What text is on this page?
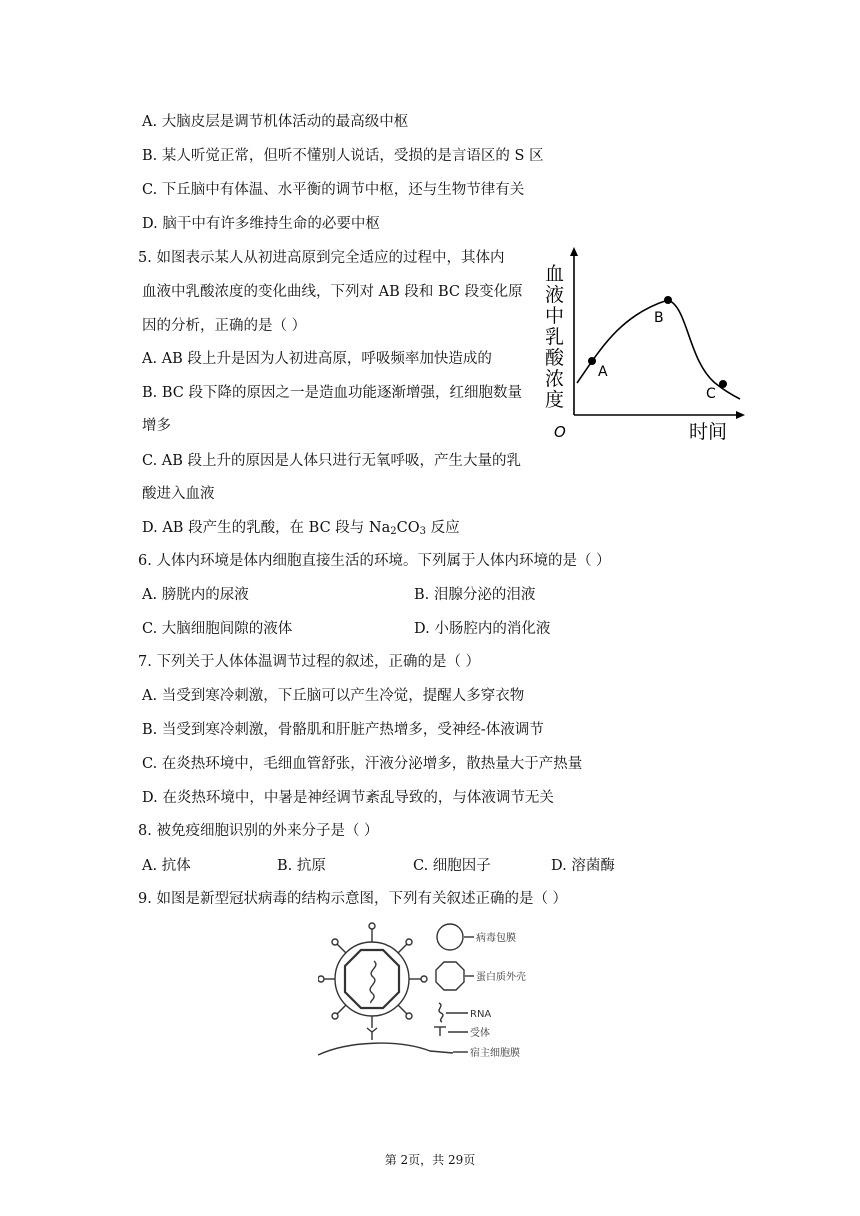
A. 大脑皮层是调节机体活动的最高级中枢
B. 某人听觉正常，但听不懂别人说话，受损的是言语区的 S 区
C. 下丘脑中有体温、水平衡的调节中枢，还与生物节律有关
D. 脑干中有许多维持生命的必要中枢
5. 如图表示某人从初进高原到完全适应的过程中，其体内
血液中乳酸浓度的变化曲线，下列对 AB 段和 BC 段变化原
因的分析，正确的是（ ）
A. AB 段上升是因为人初进高原，呼吸频率加快造成的
B. BC 段下降的原因之一是造血功能逐渐增强，红细胞数量
增多
C. AB 段上升的原因是人体只进行无氧呼吸，产生大量的乳
酸进入血液
D. AB 段产生的乳酸，在 BC 段与 $Na_2CO_3$ 反应
A
B
C
O	时间
血
液
中
乳
酸
浓
度
6. 人体内环境是体内细胞直接生活的环境。下列属于人体内环境的是（ ）
A. 膀胱内的尿液	B. 泪腺分泌的泪液
C. 大脑细胞间隙的液体	D. 小肠腔内的消化液
7. 下列关于人体体温调节过程的叙述，正确的是（ ）
A. 当受到寒冷刺激，下丘脑可以产生冷觉，提醒人多穿衣物
B. 当受到寒冷刺激，骨骼肌和肝脏产热增多，受神经-体液调节
C. 在炎热环境中，毛细血管舒张，汗液分泌增多，散热量大于产热量
D. 在炎热环境中，中暑是神经调节紊乱导致的，与体液调节无关
8. 被免疫细胞识别的外来分子是（ ）
A. 抗体	B. 抗原	C. 细胞因子	D. 溶菌酶
9. 如图是新型冠状病毒的结构示意图，下列有关叙述正确的是（ ）
病毒包膜
蛋白质外壳
RNA
受体
宿主细胞膜
第 2页，共 29页
